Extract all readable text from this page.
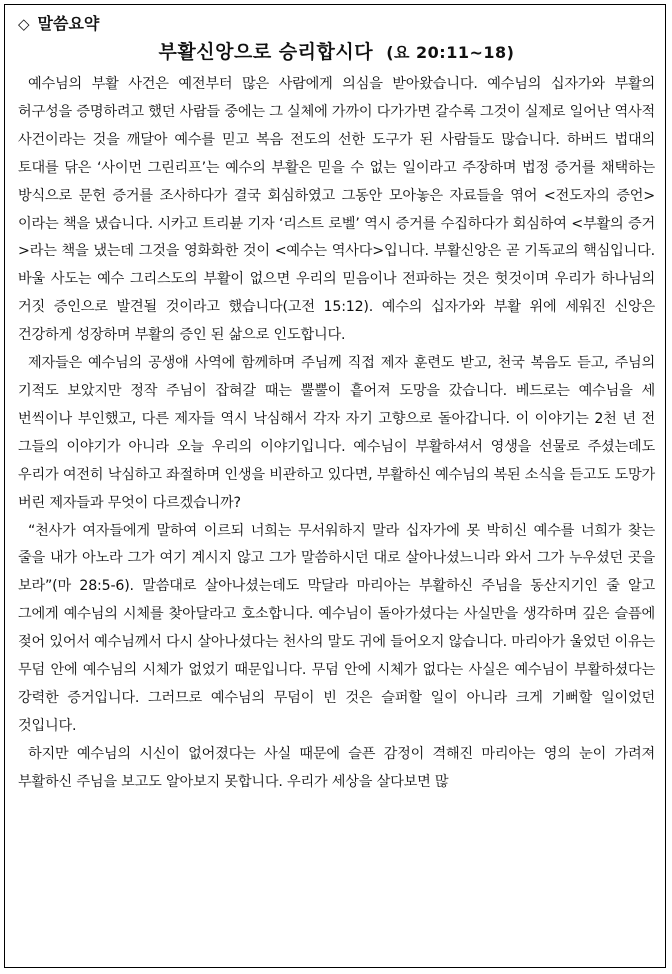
◇ 말씀요약
부활신앙으로 승리합시다 (요 20:11~18)

예수님의 부활 사건은 예전부터 많은 사람에게 의심을 받아왔습니다. 예수님의 십자가와 부활의 허구성을 증명하려고 했던 사람들 중에는 그 실체에 가까이 다가가면 갈수록 그것이 실제로 일어난 역사적 사건이라는 것을 깨달아 예수를 믿고 복음 전도의 선한 도구가 된 사람들도 많습니다. 하버드 법대의 토대를 닦은 ‘사이먼 그린리프’는 예수의 부활은 믿을 수 없는 일이라고 주장하며 법정 증거를 채택하는 방식으로 문헌 증거를 조사하다가 결국 회심하였고 그동안 모아놓은 자료들을 엮어 <전도자의 증언>이라는 책을 냈습니다. 시카고 트리뷴 기자 ‘리스트 로벨’ 역시 증거를 수집하다가 회심하여 <부활의 증거>라는 책을 냈는데 그것을 영화화한 것이 <예수는 역사다>입니다. 부활신앙은 곧 기독교의 핵심입니다. 바울 사도는 예수 그리스도의 부활이 없으면 우리의 믿음이나 전파하는 것은 헛것이며 우리가 하나님의 거짓 증인으로 발견될 것이라고 했습니다(고전 15:12). 예수의 십자가와 부활 위에 세워진 신앙은 건강하게 성장하며 부활의 증인 된 삶으로 인도합니다.

제자들은 예수님의 공생애 사역에 함께하며 주님께 직접 제자 훈련도 받고, 천국 복음도 듣고, 주님의 기적도 보았지만 정작 주님이 잡혀갈 때는 뿔뿔이 흩어져 도망을 갔습니다. 베드로는 예수님을 세 번씩이나 부인했고, 다른 제자들 역시 낙심해서 각자 자기 고향으로 돌아갑니다. 이 이야기는 2천 년 전 그들의 이야기가 아니라 오늘 우리의 이야기입니다. 예수님이 부활하셔서 영생을 선물로 주셨는데도 우리가 여전히 낙심하고 좌절하며 인생을 비관하고 있다면, 부활하신 예수님의 복된 소식을 듣고도 도망가 버린 제자들과 무엇이 다르겠습니까?

“천사가 여자들에게 말하여 이르되 너희는 무서워하지 말라 십자가에 못 박히신 예수를 너희가 찾는 줄을 내가 아노라 그가 여기 계시지 않고 그가 말씀하시던 대로 살아나셨느니라 와서 그가 누우셨던 곳을 보라”(마 28:5-6). 말씀대로 살아나셨는데도 막달라 마리아는 부활하신 주님을 동산지기인 줄 알고 그에게 예수님의 시체를 찾아달라고 호소합니다. 예수님이 돌아가셨다는 사실만을 생각하며 깊은 슬픔에 젖어 있어서 예수님께서 다시 살아나셨다는 천사의 말도 귀에 들어오지 않습니다. 마리아가 울었던 이유는 무덤 안에 예수님의 시체가 없었기 때문입니다. 무덤 안에 시체가 없다는 사실은 예수님이 부활하셨다는 강력한 증거입니다. 그러므로 예수님의 무덤이 빈 것은 슬퍼할 일이 아니라 크게 기뻐할 일이었던 것입니다.

하지만 예수님의 시신이 없어졌다는 사실 때문에 슬픈 감정이 격해진 마리아는 영의 눈이 가려져 부활하신 주님을 보고도 알아보지 못합니다. 우리가 세상을 살다보면 많
